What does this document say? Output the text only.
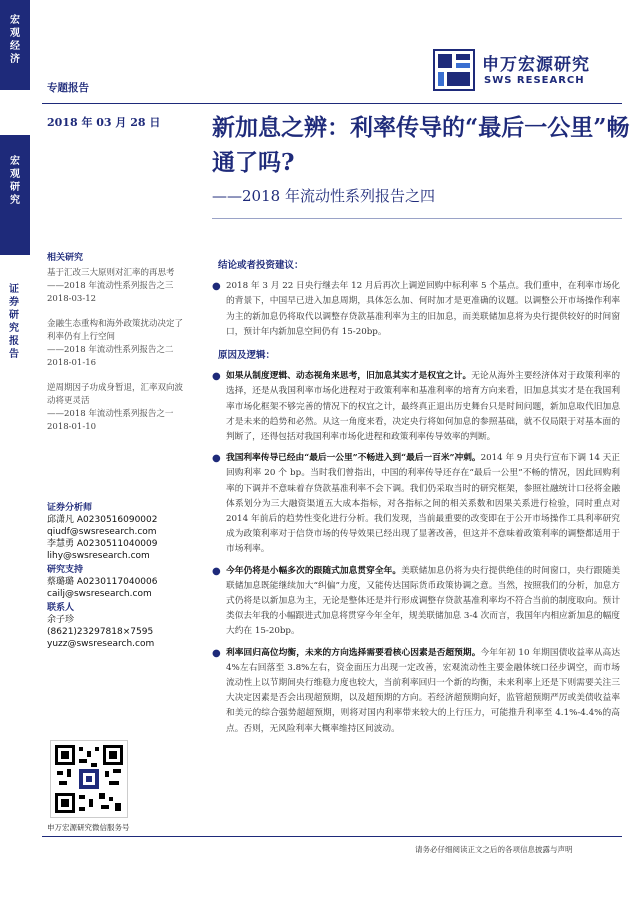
宏观经济
宏观研究
证券研究报告
专题报告
2018 年 03 月 28 日
申万宏源研究
SWS RESEARCH
新加息之辨：利率传导的“最后一公里”畅通了吗?
——2018 年流动性系列报告之四
相关研究
基于汇改三大原则对汇率的再思考
——2018 年流动性系列报告之三
2018-03-12
金融生态重构和海外政策扰动决定了利率仍有上行空间
——2018 年流动性系列报告之二
2018-01-16
逆周期因子功成身暂退，汇率双向波动将更灵活
——2018 年流动性系列报告之一
2018-01-10
证券分析师
邱潇凡 A0230516090002
qiudf@swsresearch.com
李慧勇 A0230511040009
lihy@swsresearch.com
研究支持
蔡璐璐 A0230117040006
cailj@swsresearch.com
联系人
余子珍
(8621)23297818×7595
yuzz@swsresearch.com
申万宏源研究微信服务号
结论或者投资建议：
● 2018 年 3 月 22 日央行继去年 12 月后再次上调逆回购中标利率 5 个基点。我们重申，在利率市场化的背景下，中国早已进入加息周期，具体怎么加、何时加才是更准确的议题。以调整公开市场操作利率为主的新加息仍将取代以调整存贷款基准利率为主的旧加息，而美联储加息将为央行提供较好的时间窗口，预计年内新加息空间仍有 15-20bp。
原因及逻辑：
● 如果从制度逻辑、动态视角来思考，旧加息其实才是权宜之计。无论从海外主要经济体对于政策利率的选择，还是从我国利率市场化进程对于政策利率和基准利率的培育方向来看，旧加息其实才是在我国利率市场化框架不够完善的情况下的权宜之计，最终真正退出历史舞台只是时间问题，新加息取代旧加息才是未来的趋势和必然。从这一角度来看，决定央行将如何加息的参照基础，就不仅局限于对基本面的判断了，还得包括对我国利率市场化进程和政策利率传导效率的判断。
● 我国利率传导已经由“最后一公里”不畅进入到“最后一百米”冲刺。2014 年 9 月央行宣布下调 14 天正回购利率 20 个 bp。当时我们曾指出，中国的利率传导还存在“最后一公里”不畅的情况，因此回购利率的下调并不意味着存贷款基准利率不会下调。我们仍采取当时的研究框架，参照社融统计口径将金融体系划分为三大融资渠道五大成本指标，对各指标之间的相关系数和因果关系进行检验，同时重点对 2014 年前后的趋势性变化进行分析。我们发现，当前最重要的改变即在于公开市场操作工具利率研究成为政策利率对于信贷市场的传导效果已经出现了显著改善，但这并不意味着政策利率的调整都适用于市场利率。
● 今年仍将是小幅多次的跟随式加息贯穿全年。美联储加息仍将为央行提供绝佳的时间窗口，央行跟随美联储加息既能继续加大“纠偏”力度，又能传达国际货币政策协调之意。当然，按照我们的分析，加息方式仍将是以新加息为主，无论是整体还是并行形成调整存贷款基准利率均不符合当前的制度取向。预计类似去年我的小幅跟进式加息将贯穿今年全年，规美联储加息 3-4 次而言，我国年内相应新加息的幅度大约在 15-20bp。
● 利率回归高位均衡，未来的方向选择需要看核心因素是否超预期。今年年初 10 年期国债收益率从高达 4%左右回落至 3.8%左右，资金面压力出现一定改善，宏观流动性主要金融体统口径步调空，而市场流动性上以节期间央行维稳力度也较大，当前利率回归一个新的均衡，未来利率上还是下则需要关注三大决定因素是否会出现超预期，以及超预期的方向。若经济超预期向好，监管超预期严厉或美债收益率和美元的综合强势超超预期，则将对国内利率带来较大的上行压力，可能推升利率至 4.1%-4.4%的高点。否则，无风险利率大概率维持区间波动。
请务必仔细阅读正文之后的各项信息披露与声明
